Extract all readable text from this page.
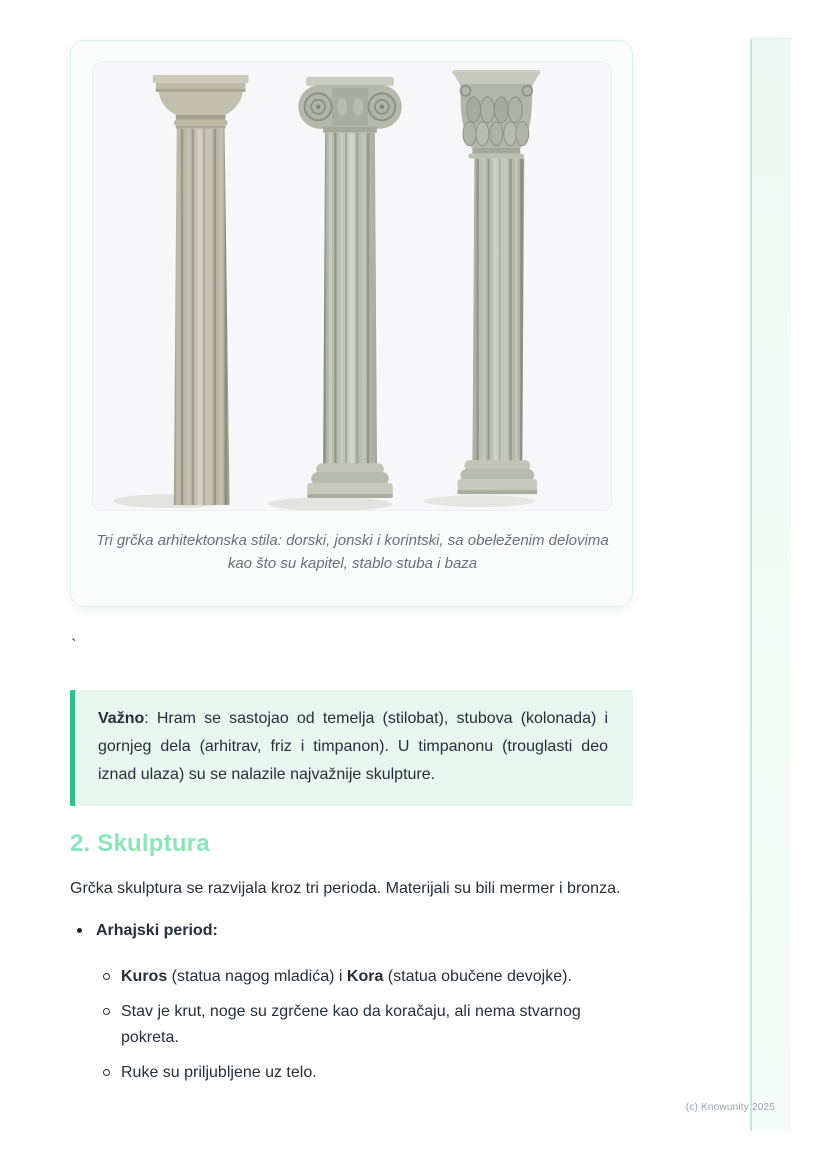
Tri grčka arhitektonska stila: dorski, jonski i korintski, sa obeleženim delovima kao što su kapitel, stablo stuba i baza
`
Važno: Hram se sastojao od temelja (stilobat), stubova (kolonada) i gornjeg dela (arhitrav, friz i timpanon). U timpanonu (trouglasti deo iznad ulaza) su se nalazile najvažnije skulpture.
2. Skulptura

Grčka skulptura se razvijala kroz tri perioda. Materijali su bili mermer i bronza.

Arhajski period:
Kuros (statua nagog mladića) i Kora (statua obučene devojke).
Stav je krut, noge su zgrčene kao da koračaju, ali nema stvarnog pokreta.
Ruke su priljubljene uz telo.
(c) Knowunity 2025
